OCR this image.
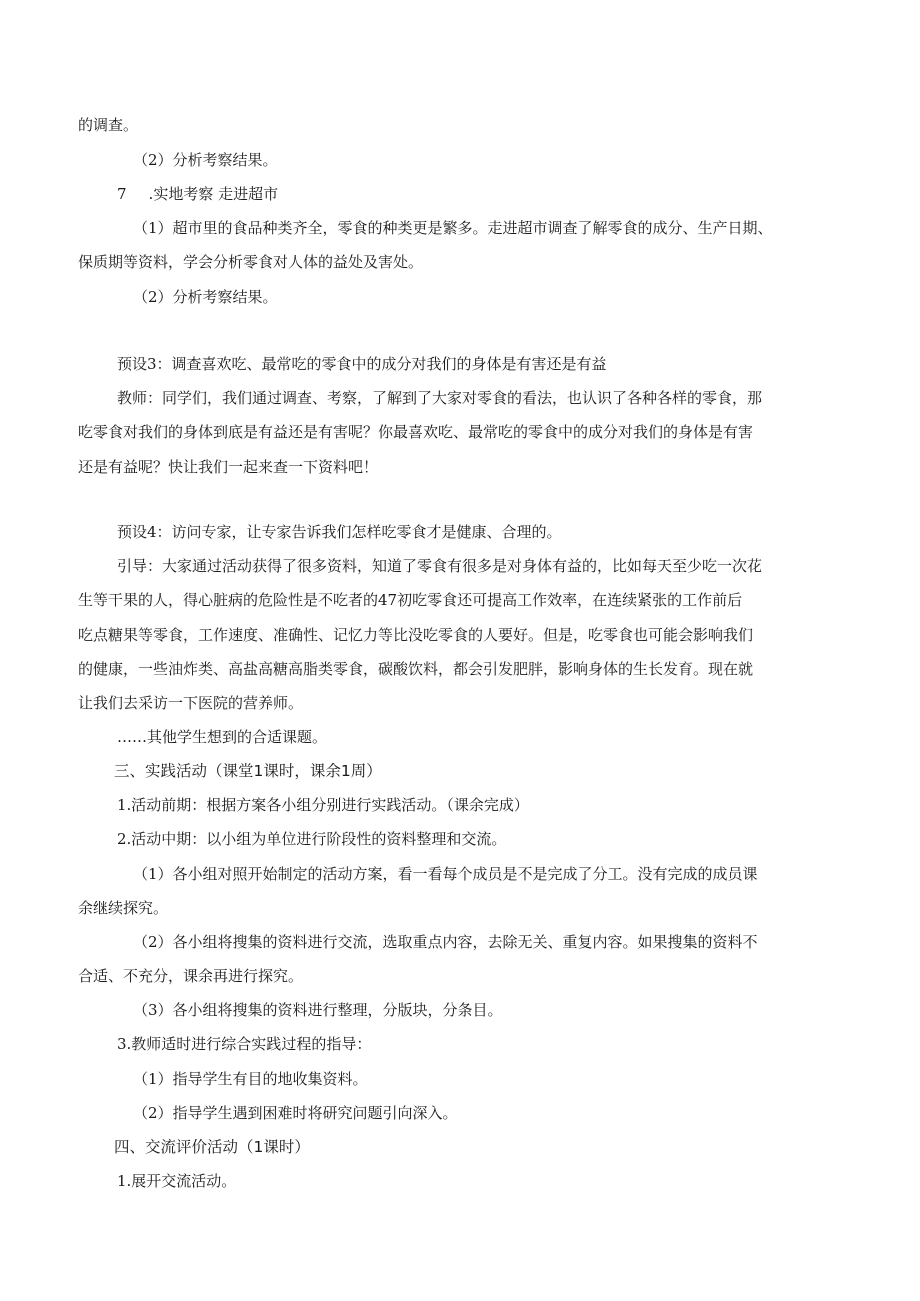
的调查。
（2）分析考察结果。
7 .实地考察 走进超市
（1）超市里的食品种类齐全，零食的种类更是繁多。走进超市调查了解零食的成分、生产日期、
保质期等资料，学会分析零食对人体的益处及害处。
（2）分析考察结果。
预设3：调查喜欢吃、最常吃的零食中的成分对我们的身体是有害还是有益
教师：同学们，我们通过调查、考察，了解到了大家对零食的看法，也认识了各种各样的零食，那
吃零食对我们的身体到底是有益还是有害呢？你最喜欢吃、最常吃的零食中的成分对我们的身体是有害
还是有益呢？快让我们一起来查一下资料吧！
预设4：访问专家，让专家告诉我们怎样吃零食才是健康、合理的。
引导：大家通过活动获得了很多资料，知道了零食有很多是对身体有益的，比如每天至少吃一次花
生等干果的人，得心脏病的危险性是不吃者的47初吃零食还可提高工作效率，在连续紧张的工作前后
吃点糖果等零食，工作速度、准确性、记忆力等比没吃零食的人要好。但是，吃零食也可能会影响我们
的健康，一些油炸类、高盐高糖高脂类零食，碳酸饮料，都会引发肥胖，影响身体的生长发育。现在就
让我们去采访一下医院的营养师。
……其他学生想到的合适课题。
三、实践活动（课堂1课时，课余1周）
1.活动前期：根据方案各小组分别进行实践活动。（课余完成）
2.活动中期：以小组为单位进行阶段性的资料整理和交流。
（1）各小组对照开始制定的活动方案，看一看每个成员是不是完成了分工。没有完成的成员课
余继续探究。
（2）各小组将搜集的资料进行交流，选取重点内容，去除无关、重复内容。如果搜集的资料不
合适、不充分，课余再进行探究。
（3）各小组将搜集的资料进行整理，分版块，分条目。
3.教师适时进行综合实践过程的指导：
（1）指导学生有目的地收集资料。
（2）指导学生遇到困难时将研究问题引向深入。
四、交流评价活动（1课时）
1.展开交流活动。
